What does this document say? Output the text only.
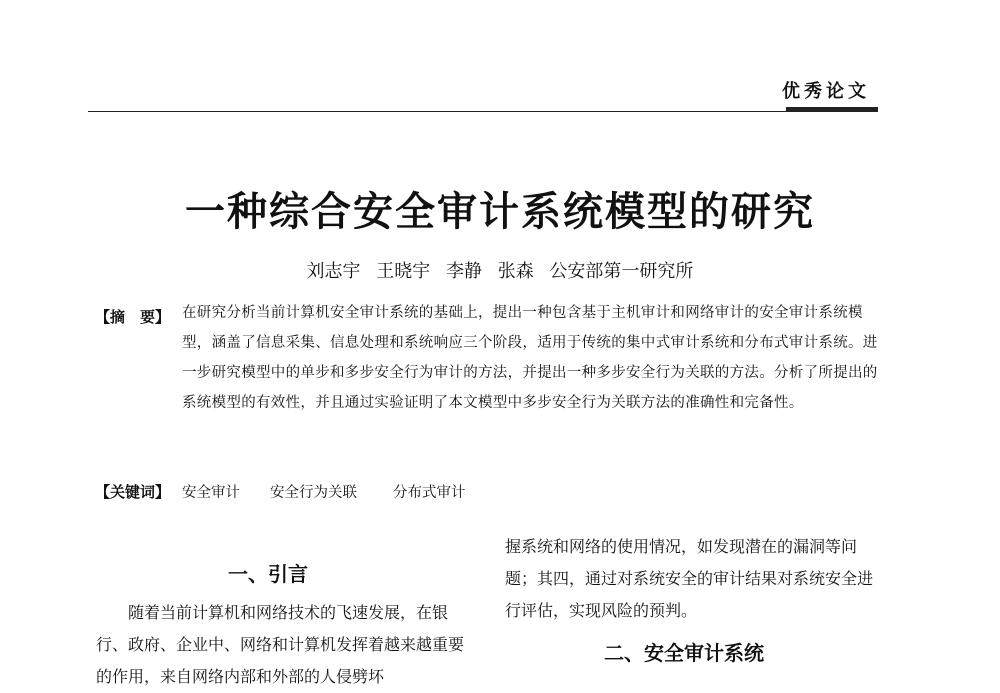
优秀论文
一种综合安全审计系统模型的研究
刘志宇 王晓宇 李静 张森 公安部第一研究所
【摘　要】 在研究分析当前计算机安全审计系统的基础上，提出一种包含基于主机审计和网络审计的安全审计系统模型，涵盖了信息采集、信息处理和系统响应三个阶段，适用于传统的集中式审计系统和分布式审计系统。进一步研究模型中的单步和多步安全行为审计的方法，并提出一种多步安全行为关联的方法。分析了所提出的系统模型的有效性，并且通过实验证明了本文模型中多步安全行为关联方法的准确性和完备性。
【关键词】 安全审计 安全行为关联 分布式审计
一、引言
随着当前计算机和网络技术的飞速发展，在银行、政府、企业中、网络和计算机发挥着越来越重要的作用，来自网络内部和外部的人侵劈坏
握系统和网络的使用情况，如发现潜在的漏洞等问题；其四，通过对系统安全的审计结果对系统安全进行评估，实现风险的预判。
二、安全审计系统
